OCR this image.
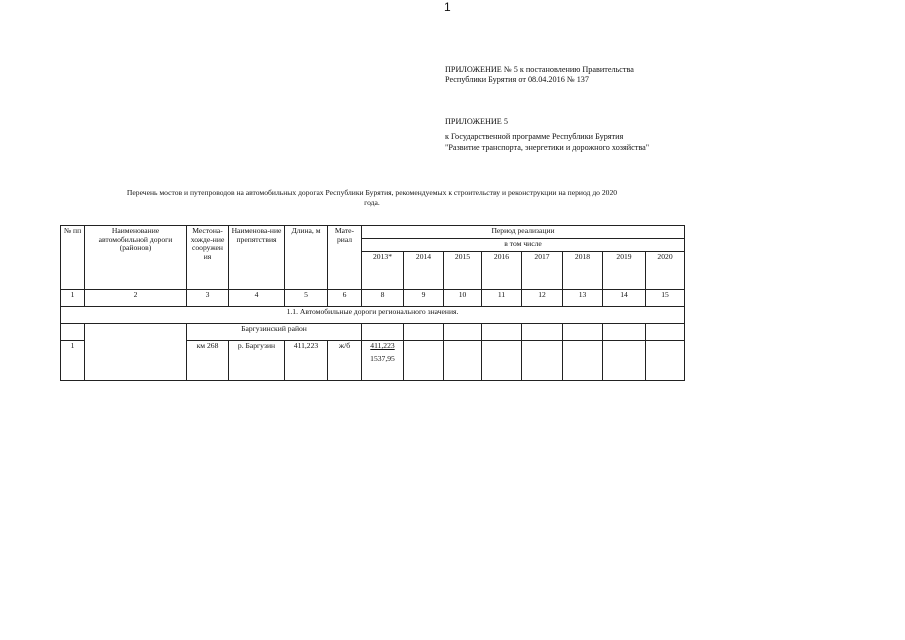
1
ПРИЛОЖЕНИЕ № 5 к постановлению Правительства
Республики Бурятия от 08.04.2016 № 137
ПРИЛОЖЕНИЕ 5
к Государственной программе Республики Бурятия
"Развитие транспорта, энергетики и дорожного хозяйства"
Перечень мостов и путепроводов на автомобильных дорогах Республики Бурятия, рекомендуемых к строительству и реконструкции на период до 2020
года.
№ пп	Наименование автомобильной дороги (районов)	Местона-хожде-ние сооружен ия	Наименова-ние препятствия	Длина, м	Мате-риал	Период реализации							
						в том числе							
						2013*	2014	2015	2016	2017	2018	2019	2020
1	2	3	4	5	6	8	9	10	11	12	13	14	15
1.1. Автомобильные дороги регионального значения.													
		Баргузинский район											
1		км 268	р. Баргузин	411,223	ж/б	411,223
1537,95							
